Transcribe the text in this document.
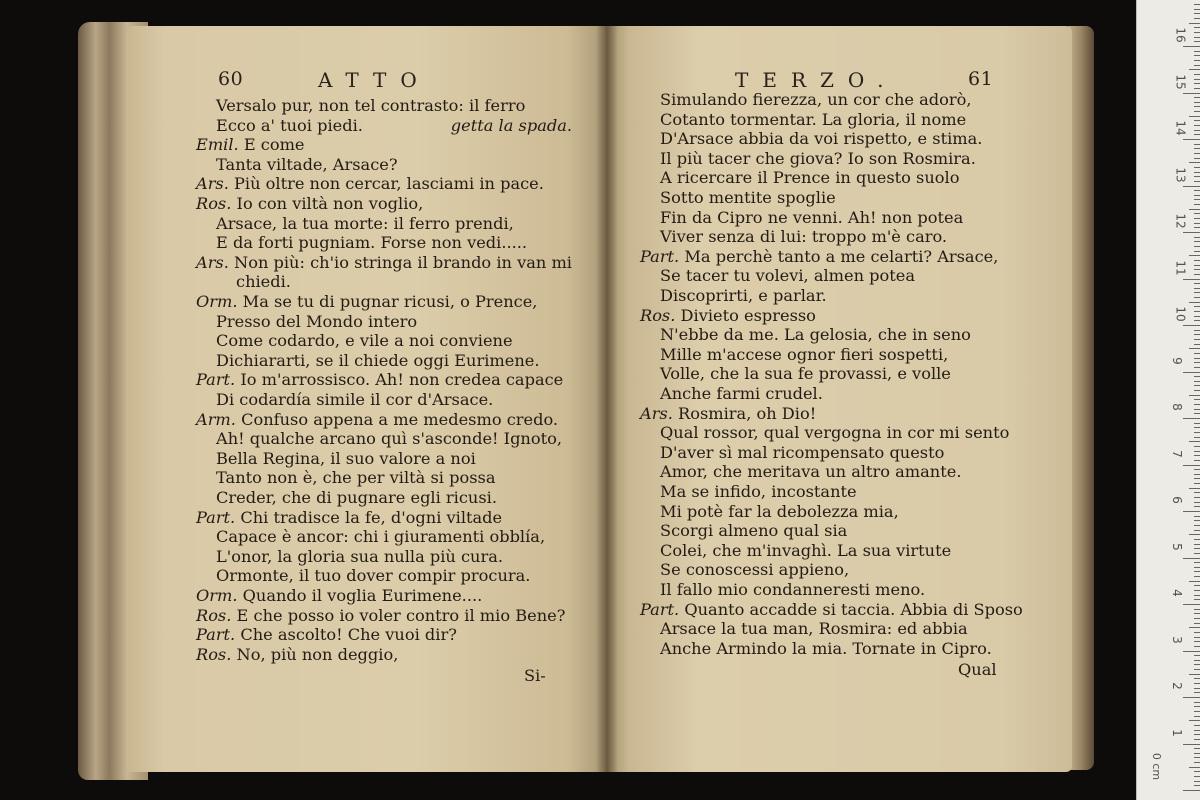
60	ATTO	TERZO.	61
Versalo pur, non tel contrasto: il ferro
Ecco a' tuoi piedi.	getta la spada.
Emil. E come
Tanta viltade, Arsace?
Ars. Più oltre non cercar, lasciami in pace.
Ros. Io con viltà non voglio,
Arsace, la tua morte: il ferro prendi,
E da forti pugniam. Forse non vedi.....
Ars. Non più: ch'io stringa il brando in van mi
chiedi.
Orm. Ma se tu di pugnar ricusi, o Prence,
Presso del Mondo intero
Come codardo, e vile a noi conviene
Dichiararti, se il chiede oggi Eurimene.
Part. Io m'arrossisco. Ah! non credea capace
Di codardía simile il cor d'Arsace.
Arm. Confuso appena a me medesmo credo.
Ah! qualche arcano quì s'asconde! Ignoto,
Bella Regina, il suo valore a noi
Tanto non è, che per viltà si possa
Creder, che di pugnare egli ricusi.
Part. Chi tradisce la fe, d'ogni viltade
Capace è ancor: chi i giuramenti obblía,
L'onor, la gloria sua nulla più cura.
Ormonte, il tuo dover compir procura.
Orm. Quando il voglia Eurimene....
Ros. E che posso io voler contro il mio Bene?
Part. Che ascolto! Che vuoi dir?
Ros. No, più non deggio,
Simulando fierezza, un cor che adorò,
Cotanto tormentar. La gloria, il nome
D'Arsace abbia da voi rispetto, e stima.
Il più tacer che giova? Io son Rosmira.
A ricercare il Prence in questo suolo
Sotto mentite spoglie
Fin da Cipro ne venni. Ah! non potea
Viver senza di lui: troppo m'è caro.
Part. Ma perchè tanto a me celarti? Arsace,
Se tacer tu volevi, almen potea
Discoprirti, e parlar.
Ros. Divieto espresso
N'ebbe da me. La gelosia, che in seno
Mille m'accese ognor fieri sospetti,
Volle, che la sua fe provassi, e volle
Anche farmi crudel.
Ars. Rosmira, oh Dio!
Qual rossor, qual vergogna in cor mi sento
D'aver sì mal ricompensato questo
Amor, che meritava un altro amante.
Ma se infido, incostante
Mi potè far la debolezza mia,
Scorgi almeno qual sia
Colei, che m'invaghì. La sua virtute
Se conoscessi appieno,
Il fallo mio condanneresti meno.
Part. Quanto accadde si taccia. Abbia di Sposo
Arsace la tua man, Rosmira: ed abbia
Anche Armindo la mia. Tornate in Cipro.
Si-	Qual
0 cm
1
2
3
4
5
6
7
8
9
10
11
12
13
14
15
16
